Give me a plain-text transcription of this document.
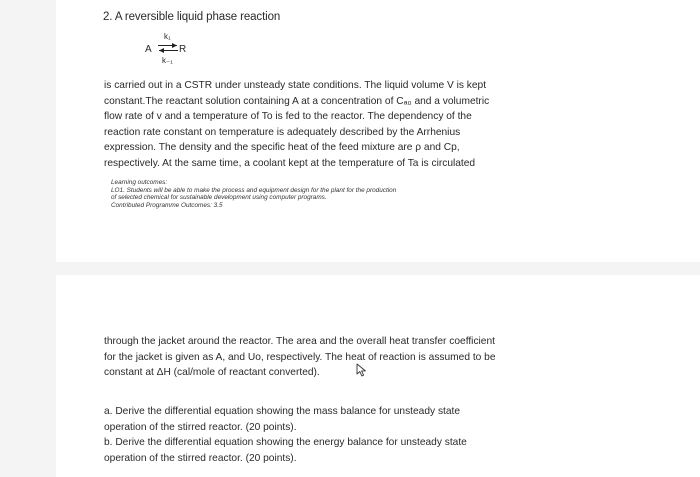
2. A reversible liquid phase reaction
A
k₁
⇌ R
k₋₁

is carried out in a CSTR under unsteady state conditions. The liquid volume V is kept
constant.The reactant solution containing A at a concentration of Cₐ₀ and a volumetric
flow rate of v and a temperature of To is fed to the reactor. The dependency of the
reaction rate constant on temperature is adequately described by the Arrhenius
expression. The density and the specific heat of the feed mixture are ρ and Cp,
respectively. At the same time, a coolant kept at the temperature of Ta is circulated

Learning outcomes:
LO1. Students will be able to make the process and equipment design for the plant for the production
of selected chemical for sustainable development using computer programs.
Contributed Programme Outcomes: 3.5

through the jacket around the reactor. The area and the overall heat transfer coefficient
for the jacket is given as A, and Uo, respectively. The heat of reaction is assumed to be
constant at ΔH (cal/mole of reactant converted).

a. Derive the differential equation showing the mass balance for unsteady state
operation of the stirred reactor. (20 points).
b. Derive the differential equation showing the energy balance for unsteady state
operation of the stirred reactor. (20 points).
